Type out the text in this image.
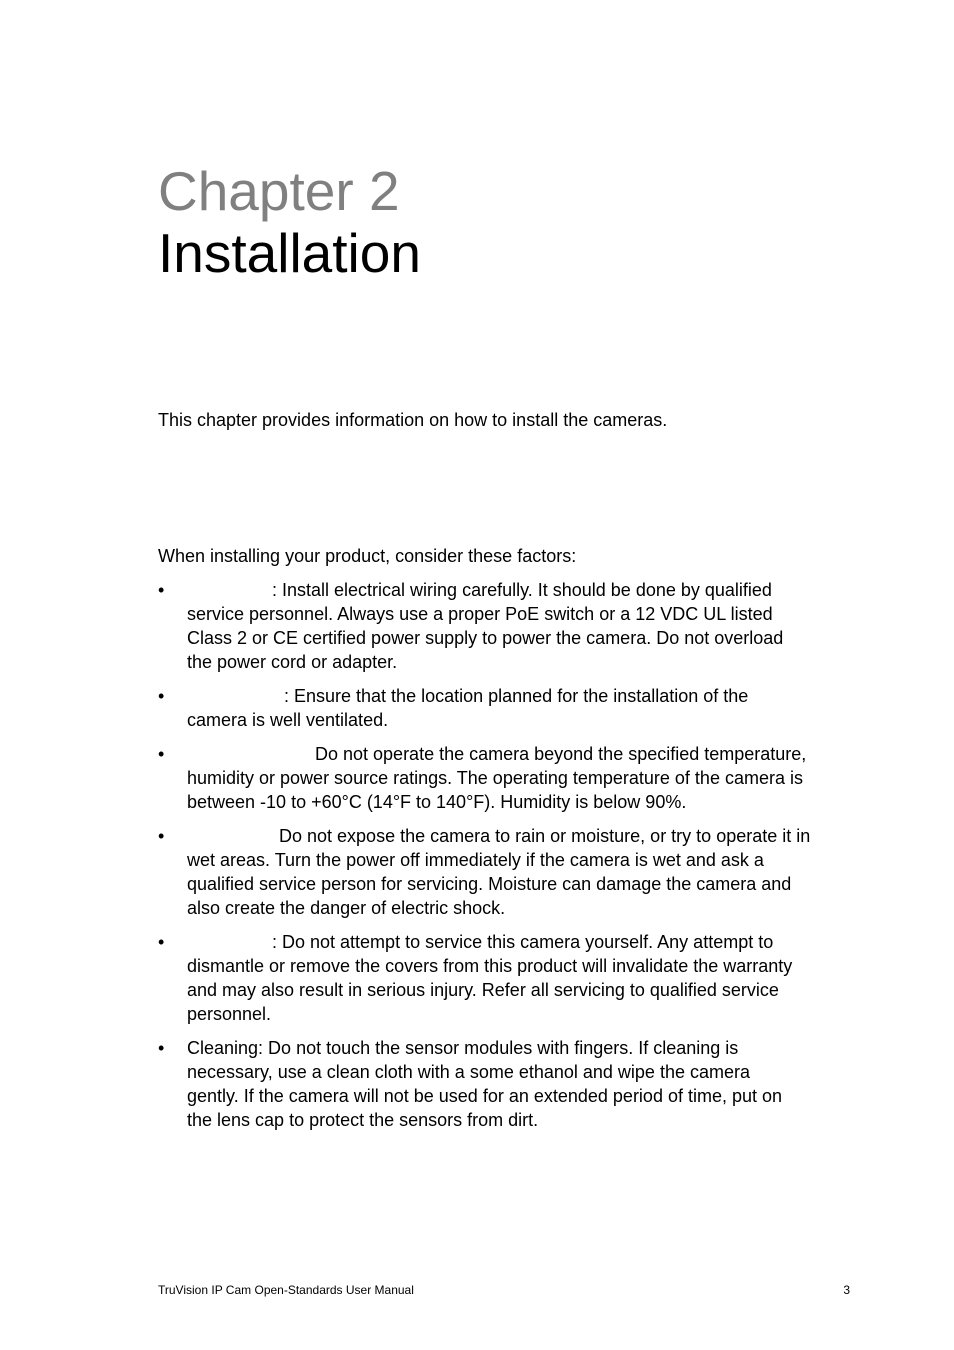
Chapter 2
Installation
This chapter provides information on how to install the cameras.
When installing your product, consider these factors:
•	: Install electrical wiring carefully. It should be done by qualified
service personnel. Always use a proper PoE switch or a 12 VDC UL listed
Class 2 or CE certified power supply to power the camera. Do not overload
the power cord or adapter.
•	: Ensure that the location planned for the installation of the
camera is well ventilated.
•	Do not operate the camera beyond the specified temperature,
humidity or power source ratings. The operating temperature of the camera is
between -10 to +60°C (14°F to 140°F). Humidity is below 90%.
•	Do not expose the camera to rain or moisture, or try to operate it in
wet areas. Turn the power off immediately if the camera is wet and ask a
qualified service person for servicing. Moisture can damage the camera and
also create the danger of electric shock.
•	: Do not attempt to service this camera yourself. Any attempt to
dismantle or remove the covers from this product will invalidate the warranty
and may also result in serious injury. Refer all servicing to qualified service
personnel.
• Cleaning: Do not touch the sensor modules with fingers. If cleaning is
necessary, use a clean cloth with a some ethanol and wipe the camera
gently. If the camera will not be used for an extended period of time, put on
the lens cap to protect the sensors from dirt.
TruVision IP Cam Open-Standards User Manual	3
